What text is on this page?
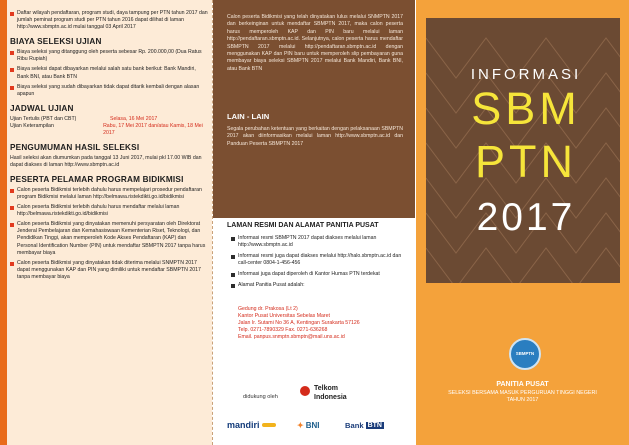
Daftar wilayah pendaftaran, program studi, daya tampung per PTN tahun 2017 dan jumlah peminat program studi per PTN tahun 2016 dapat dilihat di laman http://www.sbmptn.ac.id mulai tanggal 03 April 2017
BIAYA SELEKSI UJIAN
Biaya seleksi yang ditanggung oleh peserta sebesar Rp. 200.000,00 (Dua Ratus Ribu Rupiah)
Biaya seleksi dapat dibayarkan melalui salah satu bank berikut: Bank Mandiri, Bank BNI, atau Bank BTN
Biaya seleksi yang sudah dibayarkan tidak dapat ditarik kembali dengan alasan apapun
JADWAL UJIAN
Ujian Tertulis (PBT dan CBT)	Selasa, 16 Mei 2017
Ujian Keterampilan	Rabu, 17 Mei 2017 dan/atau Kamis, 18 Mei 2017
PENGUMUMAN HASIL SELEKSI
Hasil seleksi akan diumumkan pada tanggal 13 Juni 2017, mulai pkl 17.00 WIB dan dapat diakses di laman http://www.sbmptn.ac.id
PESERTA PELAMAR PROGRAM BIDIKMISI
Calon peserta Bidikmisi terlebih dahulu harus mempelajari prosedur pendaftaran program Bidikmisi melalui laman http://belmawa.ristekdikti.go.id/bidikmisi
Calon peserta Bidikmisi terlebih dahulu harus mendaftar melalui laman http://belmawa.ristekdikti.go.id/bidikmisi
Calon peserta Bidikmisi yang dinyatakan memenuhi persyaratan oleh Direktorat Jenderal Pembelajaran dan Kemahasiswaan Kementerian Riset, Teknologi, dan Pendidikan Tinggi, akan memperoleh Kode Akses Pendaftaran (KAP) dan Personal Identification Number (PIN) untuk mendaftar SBMPTN 2017 tanpa harus membayar biaya
Calon peserta Bidikmisi yang dinyatakan tidak diterima melalui SNMPTN 2017 dapat menggunakan KAP dan PIN yang dimiliki untuk mendaftar SBMPTN 2017 tanpa membayar biaya
Calon peserta Bidikmisi yang telah dinyatakan lulus melalui SNMPTN 2017 dan berkeinginan untuk mendaftar SBMPTN 2017, maka calon peserta harus memperoleh KAP dan PIN baru melalui laman http://pendaftaran.sbmptn.ac.id. Selanjutnya, calon peserta harus mendaftar SBMPTN 2017 melalui http://pendaftaran.sbmptn.ac.id dengan menggunakan KAP dan PIN baru untuk memperoleh slip pembayaran guna membayar biaya seleksi SBMPTN 2017 melalui Bank Mandiri, Bank BNI, atau Bank BTN
LAIN - LAIN
Segala perubahan ketentuan yang berkaitan dengan pelaksanaan SBMPTN 2017 akan diinformasikan melalui laman http://www.sbmptn.ac.id dan Panduan Peserta SBMPTN 2017
LAMAN RESMI DAN ALAMAT PANITIA PUSAT
Informasi resmi SBMPTN 2017 dapat diakses melalui laman http://www.sbmptn.ac.id
Informasi resmi juga dapat diakses melalui http://halo.sbmptn.ac.id dan call-center 0804-1-456-456
Informasi juga dapat diperoleh di Kantor Humas PTN terdekat
Alamat Panitia Pusat adalah:
Gedung dr. Prakosa (Lt 2)
Kantor Pusat Universitas Sebelas Maret
Jalan Ir. Sutami No 36 A, Kentingan Surakarta 57126
Telp. 0271-7890329 Fax. 0271-636268
Email. panpus.snmptn.sbmptn@mail.uns.ac.id
didukung oleh
Telkom
Indonesia
mandiri	✦ BNI	Bank BTN
INFORMASI
SBM
PTN
2017
SBMPTN
PANITIA PUSAT
SELEKSI BERSAMA MASUK PERGURUAN TINGGI NEGERI
TAHUN 2017
